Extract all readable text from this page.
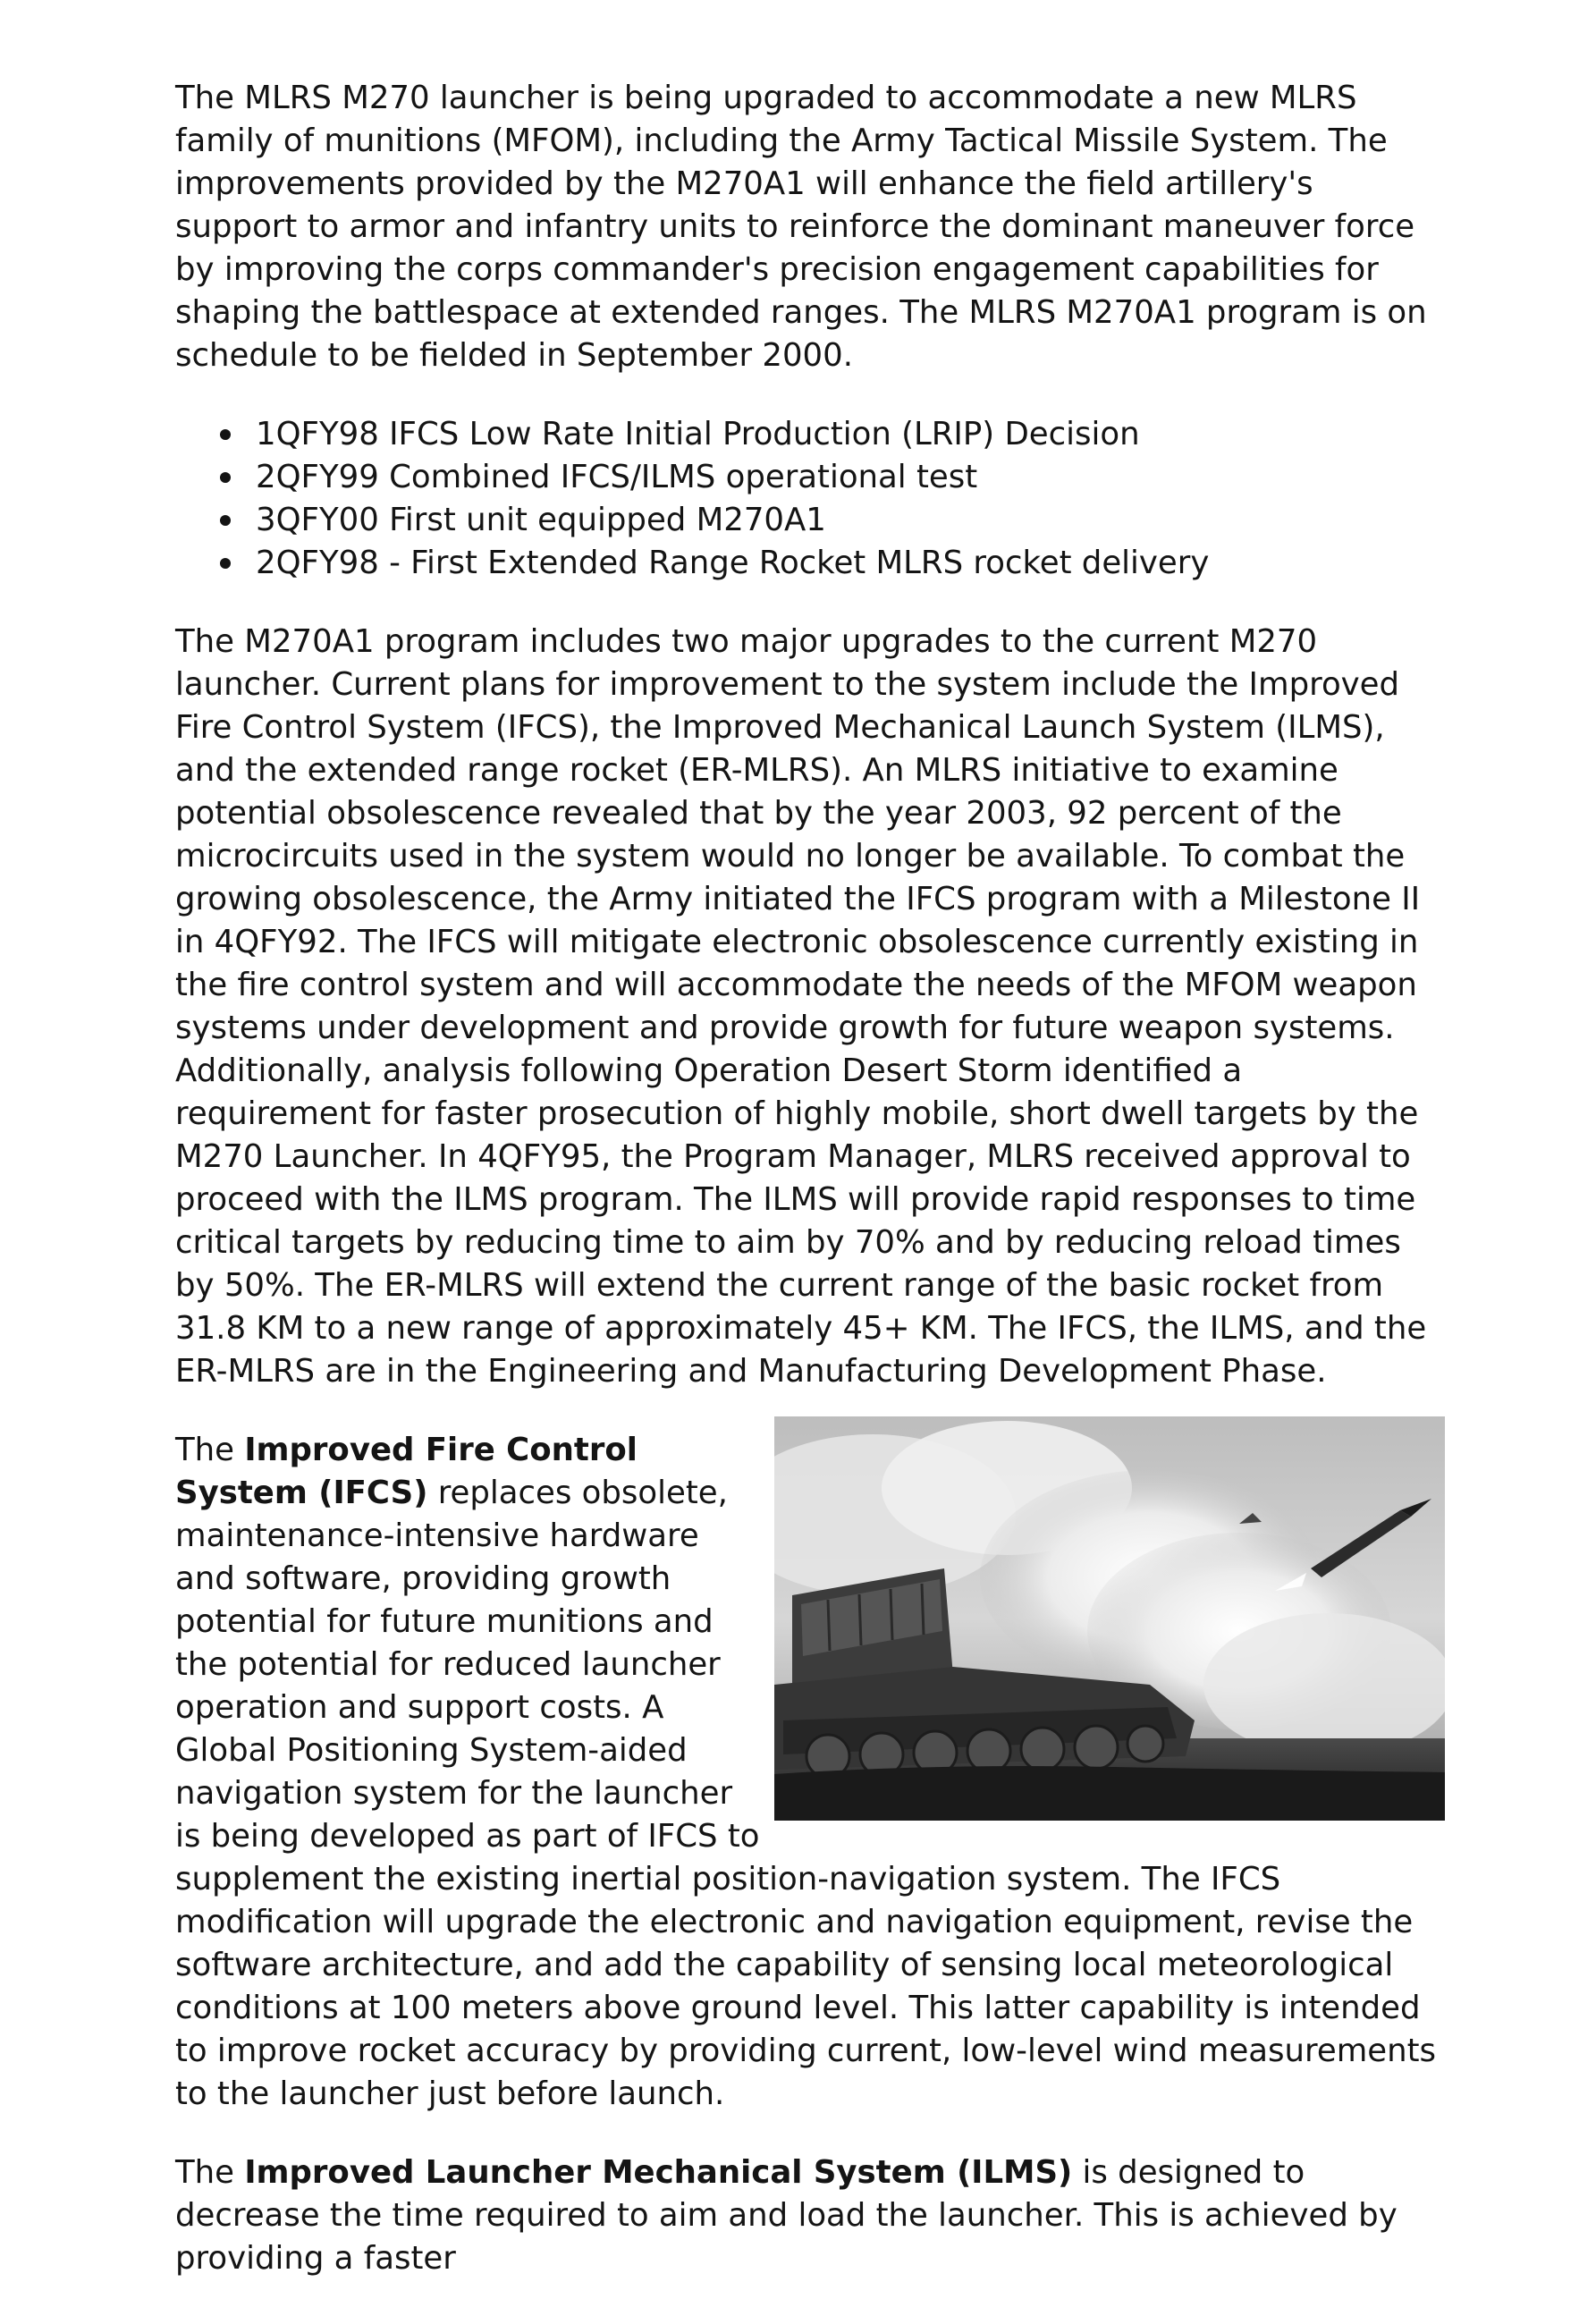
The MLRS M270 launcher is being upgraded to accommodate a new MLRS family of munitions (MFOM), including the Army Tactical Missile System. The improvements provided by the M270A1 will enhance the field artillery's support to armor and infantry units to reinforce the dominant maneuver force by improving the corps commander's precision engagement capabilities for shaping the battlespace at extended ranges. The MLRS M270A1 program is on schedule to be fielded in September 2000.

1QFY98 IFCS Low Rate Initial Production (LRIP) Decision
2QFY99 Combined IFCS/ILMS operational test
3QFY00 First unit equipped M270A1
2QFY98 - First Extended Range Rocket MLRS rocket delivery

The M270A1 program includes two major upgrades to the current M270 launcher. Current plans for improvement to the system include the Improved Fire Control System (IFCS), the Improved Mechanical Launch System (ILMS), and the extended range rocket (ER-MLRS). An MLRS initiative to examine potential obsolescence revealed that by the year 2003, 92 percent of the microcircuits used in the system would no longer be available. To combat the growing obsolescence, the Army initiated the IFCS program with a Milestone II in 4QFY92. The IFCS will mitigate electronic obsolescence currently existing in the fire control system and will accommodate the needs of the MFOM weapon systems under development and provide growth for future weapon systems. Additionally, analysis following Operation Desert Storm identified a requirement for faster prosecution of highly mobile, short dwell targets by the M270 Launcher. In 4QFY95, the Program Manager, MLRS received approval to proceed with the ILMS program. The ILMS will provide rapid responses to time critical targets by reducing time to aim by 70% and by reducing reload times by 50%. The ER-MLRS will extend the current range of the basic rocket from 31.8 KM to a new range of approximately 45+ KM. The IFCS, the ILMS, and the ER-MLRS are in the Engineering and Manufacturing Development Phase.

The Improved Fire Control System (IFCS) replaces obsolete, maintenance-intensive hardware and software, providing growth potential for future munitions and the potential for reduced launcher operation and support costs. A Global Positioning System-aided navigation system for the launcher is being developed as part of IFCS to supplement the existing inertial position-navigation system. The IFCS modification will upgrade the electronic and navigation equipment, revise the software architecture, and add the capability of sensing local meteorological conditions at 100 meters above ground level. This latter capability is intended to improve rocket accuracy by providing current, low-level wind measurements to the launcher just before launch.

The Improved Launcher Mechanical System (ILMS) is designed to decrease the time required to aim and load the launcher. This is achieved by providing a faster
